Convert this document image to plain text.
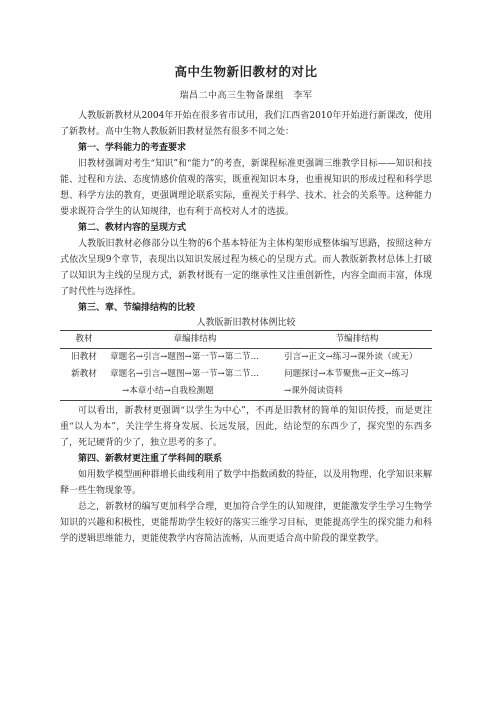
高中生物新旧教材的对比
瑞昌二中高三生物备课组　李军

人教版新教材从2004年开始在很多省市试用，我们江西省2010年开始进行新课改，使用了新教材。高中生物人教版新旧教材显然有很多不同之处：

第一、学科能力的考查要求

旧教材强调对考生“知识”和“能力”的考查，新课程标准更强调三维教学目标——知识和技能、过程和方法、态度情感价值观的落实，既重视知识本身，也重视知识的形成过程和科学思想、科学方法的教育，更强调理论联系实际，重视关于科学、技术、社会的关系等。这种能力要求既符合学生的认知规律，也有利于高校对人才的选拔。

第二、教材内容的呈现方式

人教版旧教材必修部分以生物的6个基本特征为主体构架形成整体编写思路，按照这种方式依次呈现9个章节，表现出以知识发展过程为核心的呈现方式。而人教版新教材总体上打破了以知识为主线的呈现方式，新教材既有一定的继承性又注重创新性，内容全面而丰富，体现了时代性与选择性。

第三、章、节编排结构的比较
人教版新旧教材体例比较
教材	章编排结构	节编排结构
旧教材	章题名→引言→题图→第一节→第二节…	引言→正文→练习→课外读（或无）
新教材	章题名→引言→题图→第一节→第二节…	问题探讨→本节聚焦→正文→练习
	→本章小结→自我检测题	→课外阅读资料

可以看出，新教材更强调“以学生为中心”，不再是旧教材的简单的知识传授，而是更注重“以人为本”，关注学生将身发展、长远发展，因此，结论型的东西少了，探究型的东西多了，死记硬背的少了，独立思考的多了。

第四、新教材更注重了学科间的联系

如用数学模型画种群增长曲线利用了数学中指数函数的特征，以及用物理、化学知识来解释一些生物现象等。

总之，新教材的编写更加科学合理，更加符合学生的认知规律，更能激发学生学习生物学知识的兴趣和积极性，更能帮助学生较好的落实三维学习目标，更能提高学生的探究能力和科学的逻辑思维能力，更能使教学内容简洁流畅，从而更适合高中阶段的课堂教学。
